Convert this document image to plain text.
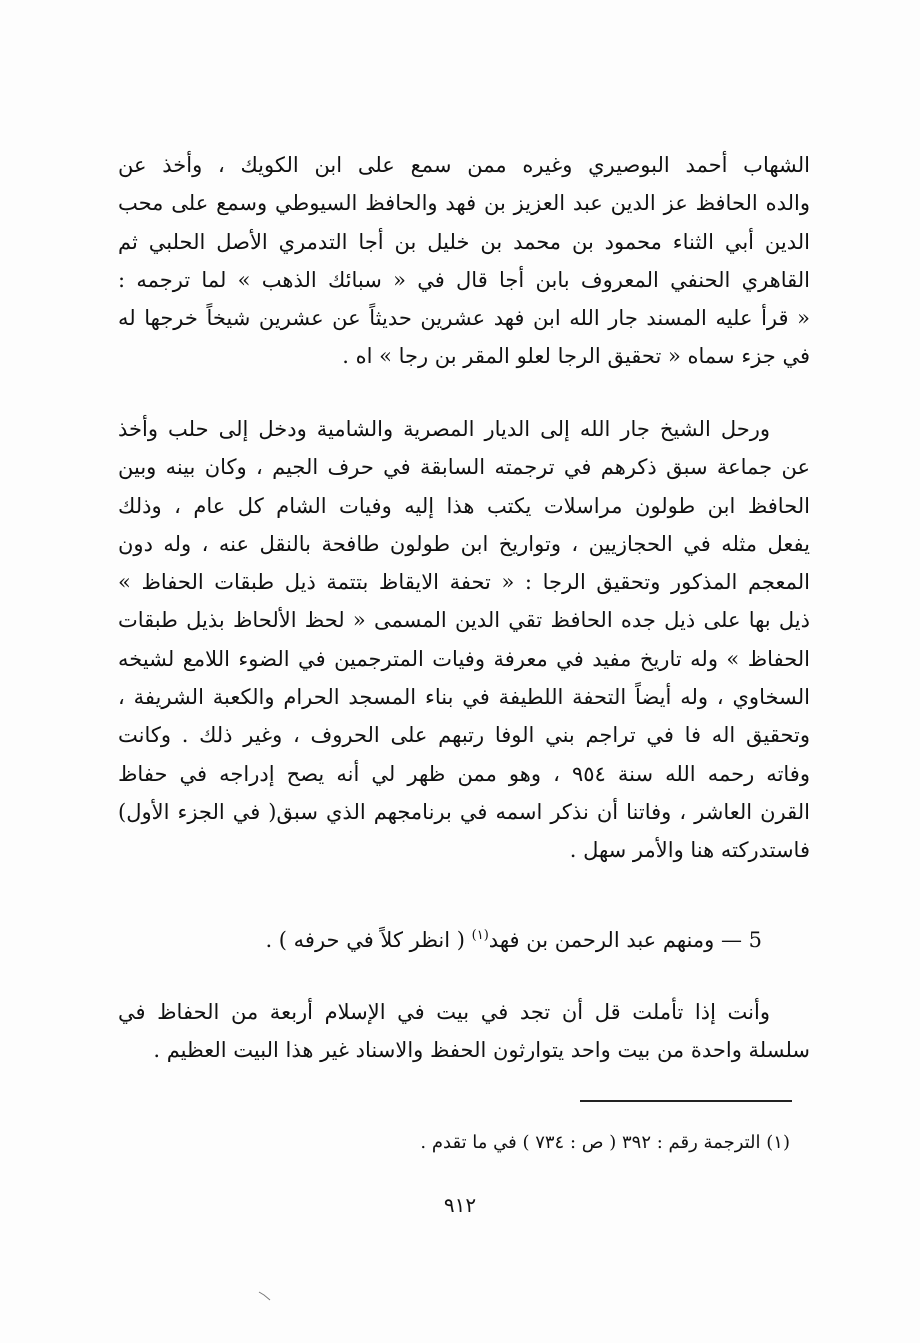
الشهاب أحمد البوصيري وغيره ممن سمع على ابن الكويك ، وأخذ عن
والده الحافظ عز الدين عبد العزيز بن فهد والحافظ السيوطي وسمع على محب
الدين أبي الثناء محمود بن محمد بن خليل بن أجا التدمري الأصل الحلبي ثم
القاهري الحنفي المعروف بابن أجا قال في « سبائك الذهب » لما ترجمه :
« قرأ عليه المسند جار الله ابن فهد عشرين حديثاً عن عشرين شيخاً خرجها له
في جزء سماه « تحقيق الرجا لعلو المقر بن رجا » اه .
ورحل الشيخ جار الله إلى الديار المصرية والشامية ودخل إلى حلب وأخذ
عن جماعة سبق ذكرهم في ترجمته السابقة في حرف الجيم ، وكان بينه وبين
الحافظ ابن طولون مراسلات يكتب هذا إليه وفيات الشام كل عام ، وذلك
يفعل مثله في الحجازيين ، وتواريخ ابن طولون طافحة بالنقل عنه ، وله دون
المعجم المذكور وتحقيق الرجا : « تحفة الايقاظ بتتمة ذيل طبقات الحفاظ »
ذيل بها على ذيل جده الحافظ تقي الدين المسمى « لحظ الألحاظ بذيل طبقات
الحفاظ » وله تاريخ مفيد في معرفة وفيات المترجمين في الضوء اللامع لشيخه
السخاوي ، وله أيضاً التحفة اللطيفة في بناء المسجد الحرام والكعبة الشريفة ،
وتحقيق اله فا في تراجم بني الوفا رتبهم على الحروف ، وغير ذلك . وكانت
وفاته رحمه الله سنة ٩٥٤ ، وهو ممن ظهر لي أنه يصح إدراجه في حفاظ
القرن العاشر ، وفاتنا أن نذكر اسمه في برنامجهم الذي سبق( في الجزء الأول)
فاستدركته هنا والأمر سهل .
5 — ومنهم عبد الرحمن بن فهد$^{(١)}$ ( انظر كلاً في حرفه ) .
وأنت إذا تأملت قل أن تجد في بيت في الإسلام أربعة من الحفاظ في
سلسلة واحدة من بيت واحد يتوارثون الحفظ والاسناد غير هذا البيت العظيم .
(١) الترجمة رقم : ٣٩٢ ( ص : ٧٣٤ ) في ما تقدم .
٩١٢
